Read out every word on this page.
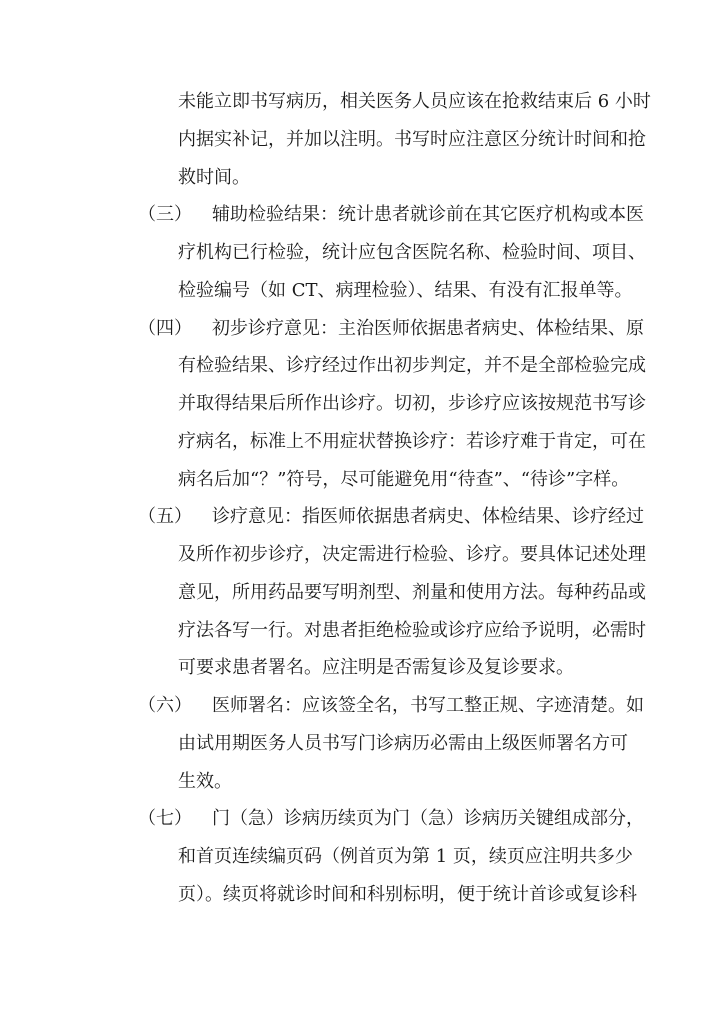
未能立即书写病历，相关医务人员应该在抢救结束后 6 小时
内据实补记，并加以注明。书写时应注意区分统计时间和抢
救时间。
（三）	辅助检验结果：统计患者就诊前在其它医疗机构或本医
疗机构已行检验，统计应包含医院名称、检验时间、项目、
检验编号（如 CT、病理检验）、结果、有没有汇报单等。
（四）	初步诊疗意见：主治医师依据患者病史、体检结果、原
有检验结果、诊疗经过作出初步判定，并不是全部检验完成
并取得结果后所作出诊疗。切初，步诊疗应该按规范书写诊
疗病名，标准上不用症状替换诊疗：若诊疗难于肯定，可在
病名后加“？”符号，尽可能避免用“待查”、“待诊”字样。
（五）	诊疗意见：指医师依据患者病史、体检结果、诊疗经过
及所作初步诊疗，决定需进行检验、诊疗。要具体记述处理
意见，所用药品要写明剂型、剂量和使用方法。每种药品或
疗法各写一行。对患者拒绝检验或诊疗应给予说明，必需时
可要求患者署名。应注明是否需复诊及复诊要求。
（六）	医师署名：应该签全名，书写工整正规、字迹清楚。如
由试用期医务人员书写门诊病历必需由上级医师署名方可
生效。
（七）	门（急）诊病历续页为门（急）诊病历关键组成部分，
和首页连续编页码（例首页为第 1 页，续页应注明共多少
页）。续页将就诊时间和科别标明，便于统计首诊或复诊科
